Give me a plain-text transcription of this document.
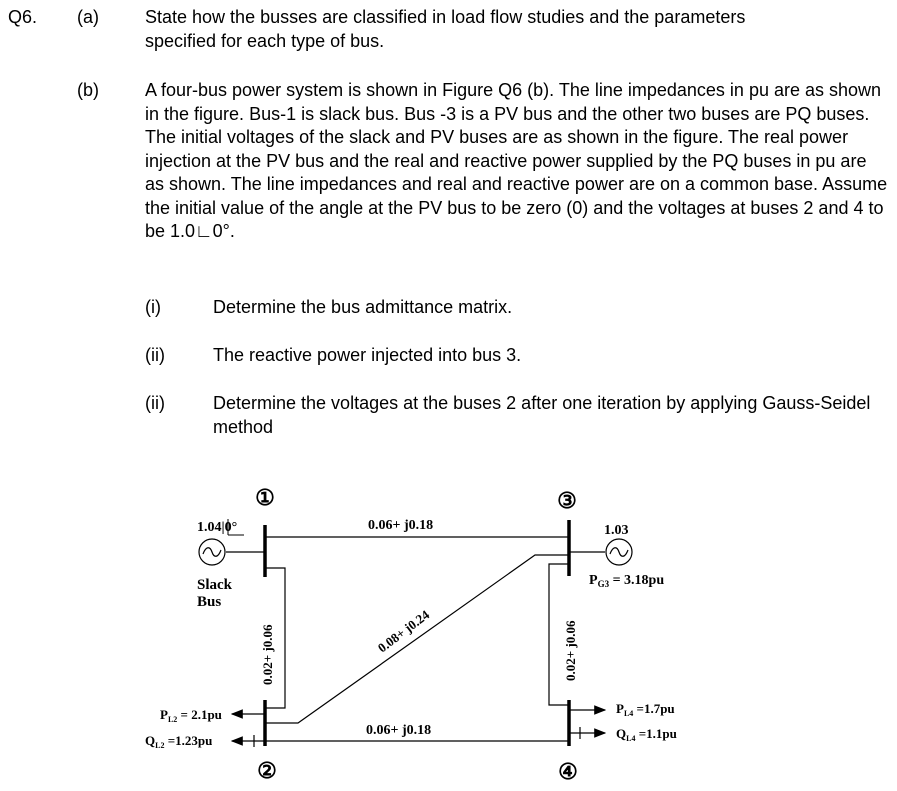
Q6. (a)	State how the busses are classified in load flow studies and the parameters
specified for each type of bus.
(b)	A four-bus power system is shown in Figure Q6 (b). The line impedances in pu are as shown in the figure. Bus-1 is slack bus. Bus -3 is a PV bus and the other two buses are PQ buses. The initial voltages of the slack and PV buses are as shown in the figure. The real power injection at the PV bus and the real and reactive power supplied by the PQ buses in pu are as shown. The line impedances and real and reactive power are on a common base. Assume the initial value of the angle at the PV bus to be zero (0) and the voltages at buses 2 and 4 to be 1.0∟0°.
(i)	Determine the bus admittance matrix.
(ii)	The reactive power injected into bus 3.
(ii)	Determine the voltages at the buses 2 after one iteration by applying Gauss-Seidel method
①
②
③
④
1.04|0°
Slack
Bus
1.03
$P_{G3} = 3.18pu$
0.06+ j0.18
0.06+ j0.18
0.02+ j0.06	0.02+ j0.06
0.08+ j0.24
$P_{L2} = 2.1pu$
$Q_{L2} =1.23pu$
$P_{L4} =1.7pu$
$Q_{L4} =1.1pu$
